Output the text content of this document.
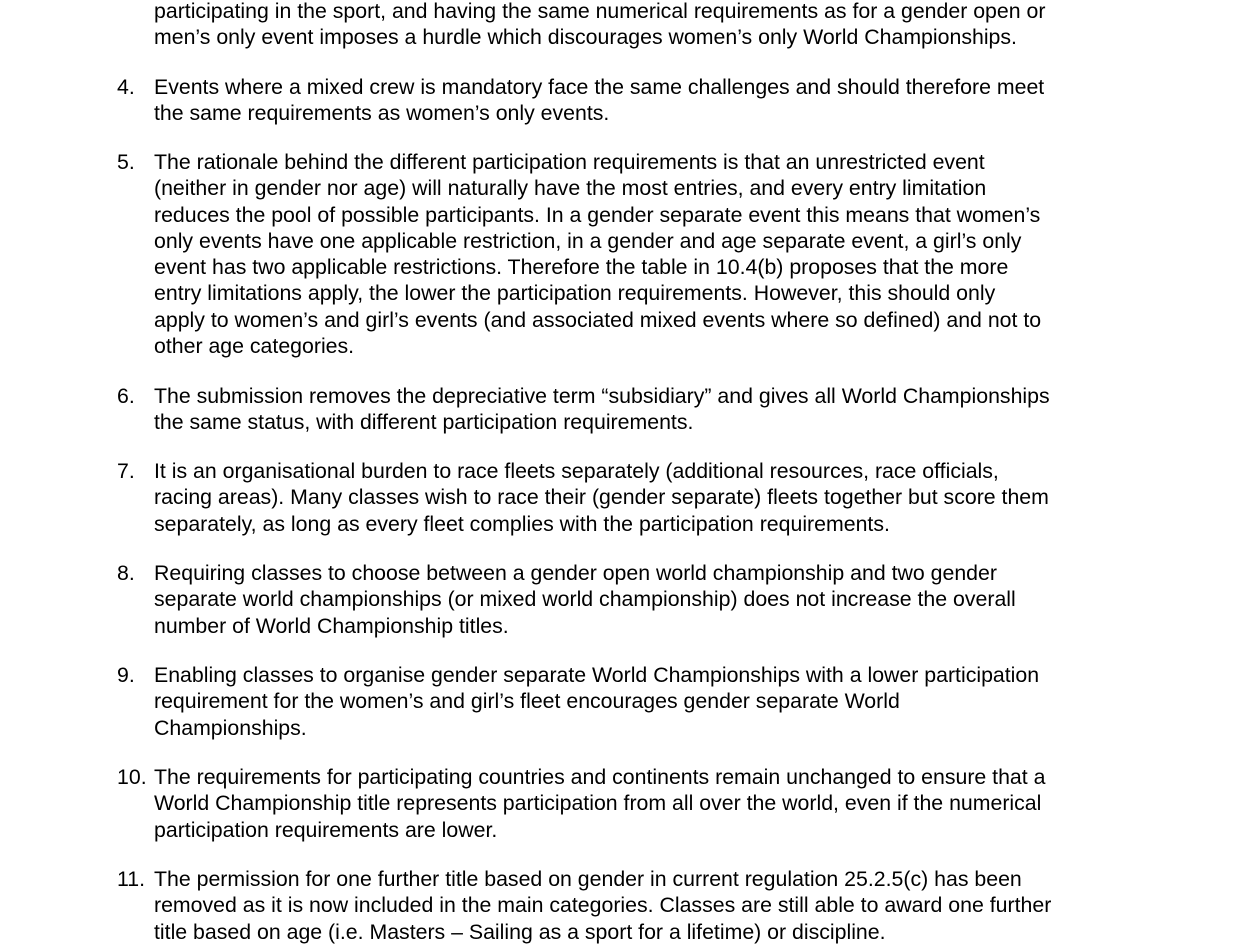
participating in the sport, and having the same numerical requirements as for a gender open or
men’s only event imposes a hurdle which discourages women’s only World Championships.
4. Events where a mixed crew is mandatory face the same challenges and should therefore meet
the same requirements as women’s only events.
5. The rationale behind the different participation requirements is that an unrestricted event
(neither in gender nor age) will naturally have the most entries, and every entry limitation
reduces the pool of possible participants. In a gender separate event this means that women’s
only events have one applicable restriction, in a gender and age separate event, a girl’s only
event has two applicable restrictions. Therefore the table in 10.4(b) proposes that the more
entry limitations apply, the lower the participation requirements. However, this should only
apply to women’s and girl’s events (and associated mixed events where so defined) and not to
other age categories.
6. The submission removes the depreciative term “subsidiary” and gives all World Championships
the same status, with different participation requirements.
7. It is an organisational burden to race fleets separately (additional resources, race officials,
racing areas). Many classes wish to race their (gender separate) fleets together but score them
separately, as long as every fleet complies with the participation requirements.
8. Requiring classes to choose between a gender open world championship and two gender
separate world championships (or mixed world championship) does not increase the overall
number of World Championship titles.
9. Enabling classes to organise gender separate World Championships with a lower participation
requirement for the women’s and girl’s fleet encourages gender separate World
Championships.
10. The requirements for participating countries and continents remain unchanged to ensure that a
World Championship title represents participation from all over the world, even if the numerical
participation requirements are lower.
11. The permission for one further title based on gender in current regulation 25.2.5(c) has been
removed as it is now included in the main categories. Classes are still able to award one further
title based on age (i.e. Masters – Sailing as a sport for a lifetime) or discipline.
